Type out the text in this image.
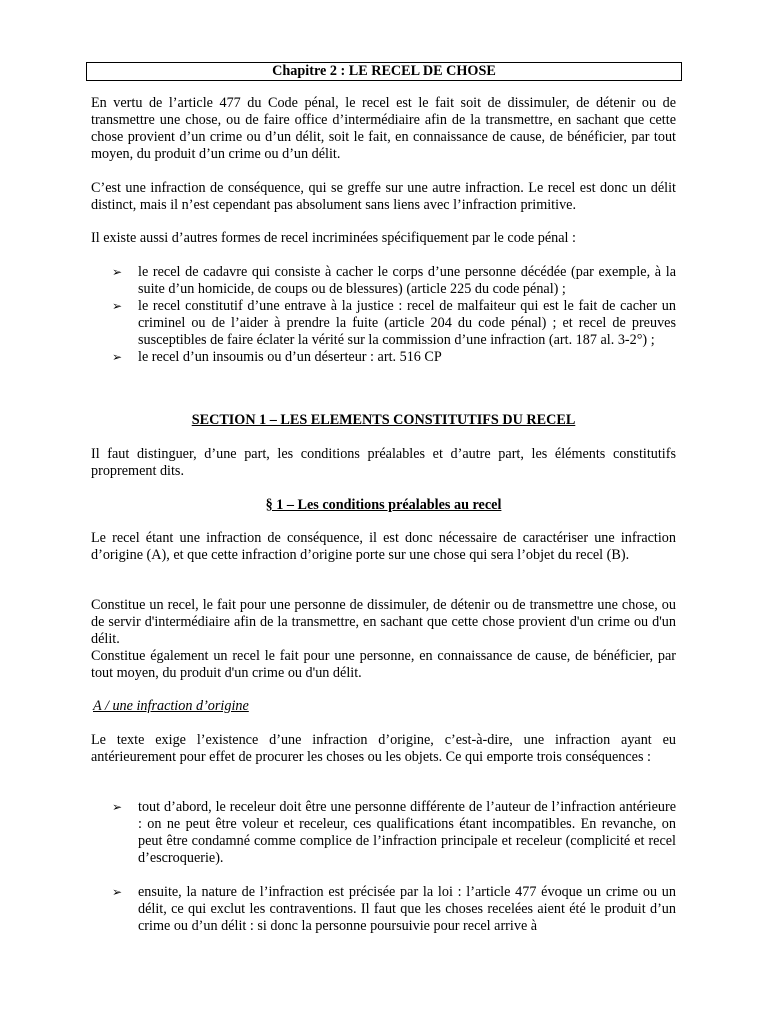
Chapitre 2 : LE RECEL DE CHOSE

En vertu de l’article 477 du Code pénal, le recel est le fait soit de dissimuler, de détenir ou de transmettre une chose, ou de faire office d’intermédiaire afin de la transmettre, en sachant que cette chose provient d’un crime ou d’un délit, soit le fait, en connaissance de cause, de bénéficier, par tout moyen, du produit d’un crime ou d’un délit.

C’est une infraction de conséquence, qui se greffe sur une autre infraction. Le recel est donc un délit distinct, mais il n’est cependant pas absolument sans liens avec l’infraction primitive.

Il existe aussi d’autres formes de recel incriminées spécifiquement par le code pénal :

➢ le recel de cadavre qui consiste à cacher le corps d’une personne décédée (par exemple, à la suite d’un homicide, de coups ou de blessures) (article 225 du code pénal) ;
➢ le recel constitutif d’une entrave à la justice : recel de malfaiteur qui est le fait de cacher un criminel ou de l’aider à prendre la fuite (article 204 du code pénal) ; et recel de preuves susceptibles de faire éclater la vérité sur la commission d’une infraction (art. 187 al. 3-2°) ;
➢ le recel d’un insoumis ou d’un déserteur : art. 516 CP

SECTION 1 – LES ELEMENTS CONSTITUTIFS DU RECEL

Il faut distinguer, d’une part, les conditions préalables et d’autre part, les éléments constitutifs proprement dits.

§ 1 – Les conditions préalables au recel

Le recel étant une infraction de conséquence, il est donc nécessaire de caractériser une infraction d’origine (A), et que cette infraction d’origine porte sur une chose qui sera l’objet du recel (B).

Constitue un recel, le fait pour une personne de dissimuler, de détenir ou de transmettre une chose, ou de servir d'intermédiaire afin de la transmettre, en sachant que cette chose provient d'un crime ou d'un délit.

Constitue également un recel le fait pour une personne, en connaissance de cause, de bénéficier, par tout moyen, du produit d'un crime ou d'un délit.

A / une infraction d’origine

Le texte exige l’existence d’une infraction d’origine, c’est-à-dire, une infraction ayant eu antérieurement pour effet de procurer les choses ou les objets. Ce qui emporte trois conséquences :

➢ tout d’abord, le receleur doit être une personne différente de l’auteur de l’infraction antérieure : on ne peut être voleur et receleur, ces qualifications étant incompatibles. En revanche, on peut être condamné comme complice de l’infraction principale et receleur (complicité et recel d’escroquerie).
➢ ensuite, la nature de l’infraction est précisée par la loi : l’article 477 évoque un crime ou un délit, ce qui exclut les contraventions. Il faut que les choses recelées aient été le produit d’un crime ou d’un délit : si donc la personne poursuivie pour recel arrive à
